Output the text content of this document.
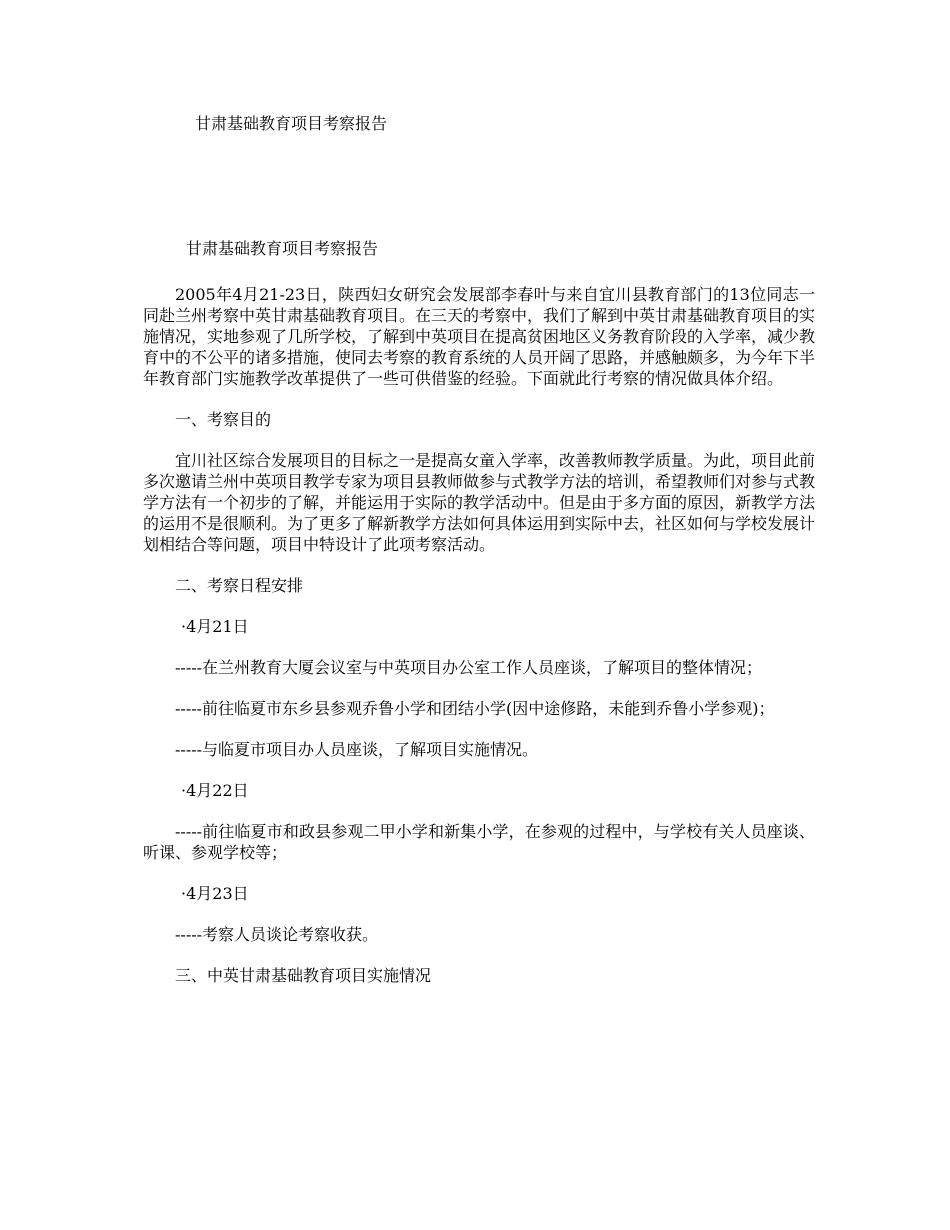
甘肃基础教育项目考察报告

甘肃基础教育项目考察报告

2005年4月21-23日，陕西妇女研究会发展部李春叶与来自宜川县教育部门的13位同志一同赴兰州考察中英甘肃基础教育项目。在三天的考察中，我们了解到中英甘肃基础教育项目的实施情况，实地参观了几所学校，了解到中英项目在提高贫困地区义务教育阶段的入学率，减少教育中的不公平的诸多措施，使同去考察的教育系统的人员开阔了思路，并感触颇多，为今年下半年教育部门实施教学改革提供了一些可供借鉴的经验。下面就此行考察的情况做具体介绍。

一、考察目的

宜川社区综合发展项目的目标之一是提高女童入学率，改善教师教学质量。为此，项目此前多次邀请兰州中英项目教学专家为项目县教师做参与式教学方法的培训，希望教师们对参与式教学方法有一个初步的了解，并能运用于实际的教学活动中。但是由于多方面的原因，新教学方法的运用不是很顺利。为了更多了解新教学方法如何具体运用到实际中去，社区如何与学校发展计划相结合等问题，项目中特设计了此项考察活动。

二、考察日程安排

·4月21日

-----在兰州教育大厦会议室与中英项目办公室工作人员座谈，了解项目的整体情况；

-----前往临夏市东乡县参观乔鲁小学和团结小学(因中途修路，未能到乔鲁小学参观)；

-----与临夏市项目办人员座谈，了解项目实施情况。

·4月22日

-----前往临夏市和政县参观二甲小学和新集小学，在参观的过程中，与学校有关人员座谈、听课、参观学校等；

·4月23日

-----考察人员谈论考察收获。

三、中英甘肃基础教育项目实施情况
